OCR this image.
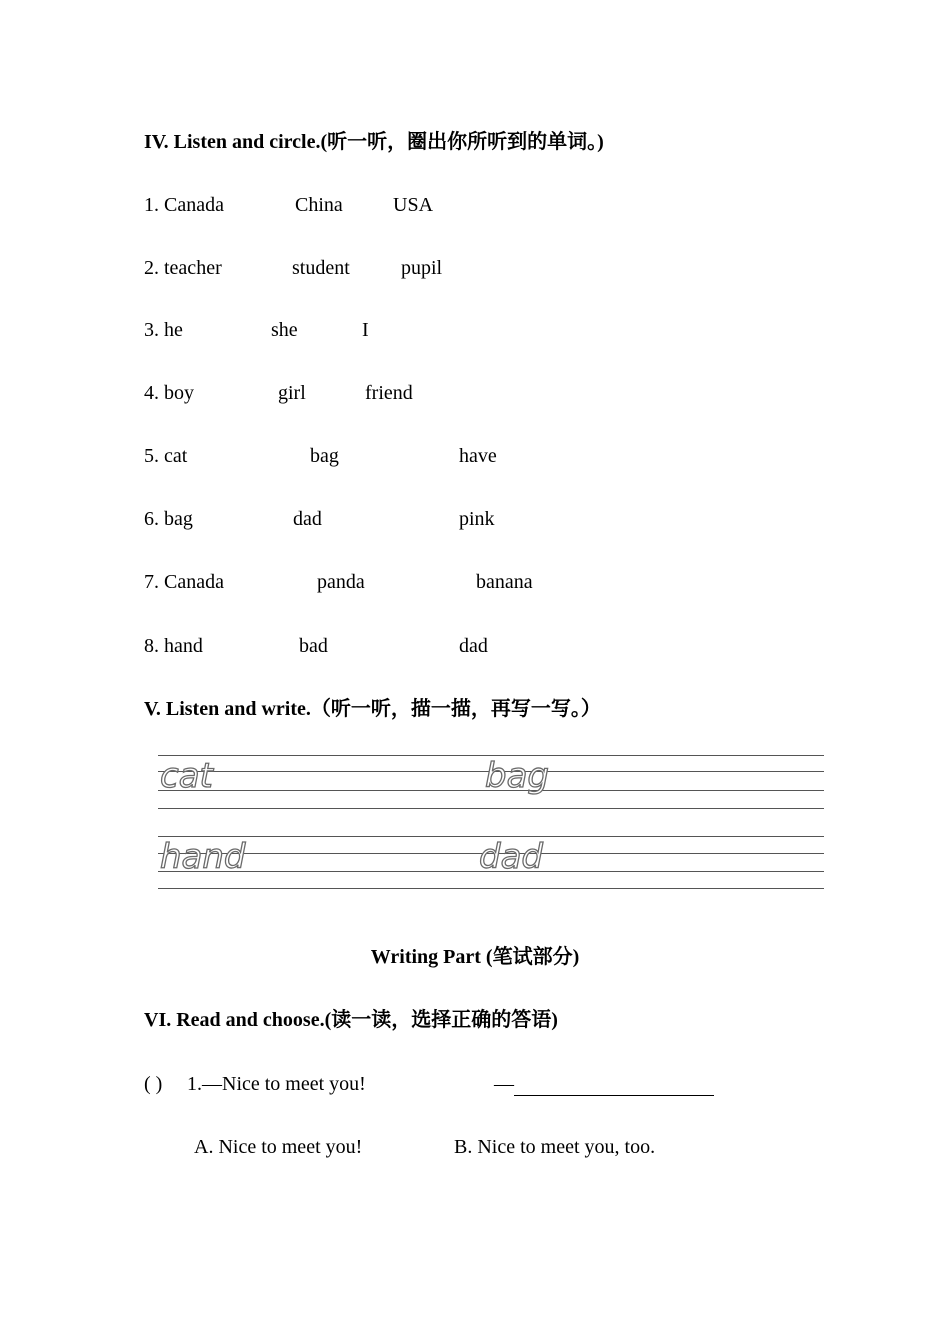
IV. Listen and circle.(听一听，圈出你所听到的单词。)
1. Canada	China	USA
2. teacher	student	pupil
3. he	she	I
4. boy	girl	friend
5. cat	bag	have
6. bag	dad	pink
7. Canada	panda	banana
8. hand	bad	dad
V. Listen and write.（听一听，描一描，再写一写。）
cat	bag
hand	dad
Writing Part (笔试部分)
VI. Read and choose.(读一读，选择正确的答语)
( ) 1.—Nice to meet you!	—
A. Nice to meet you!	B. Nice to meet you, too.
